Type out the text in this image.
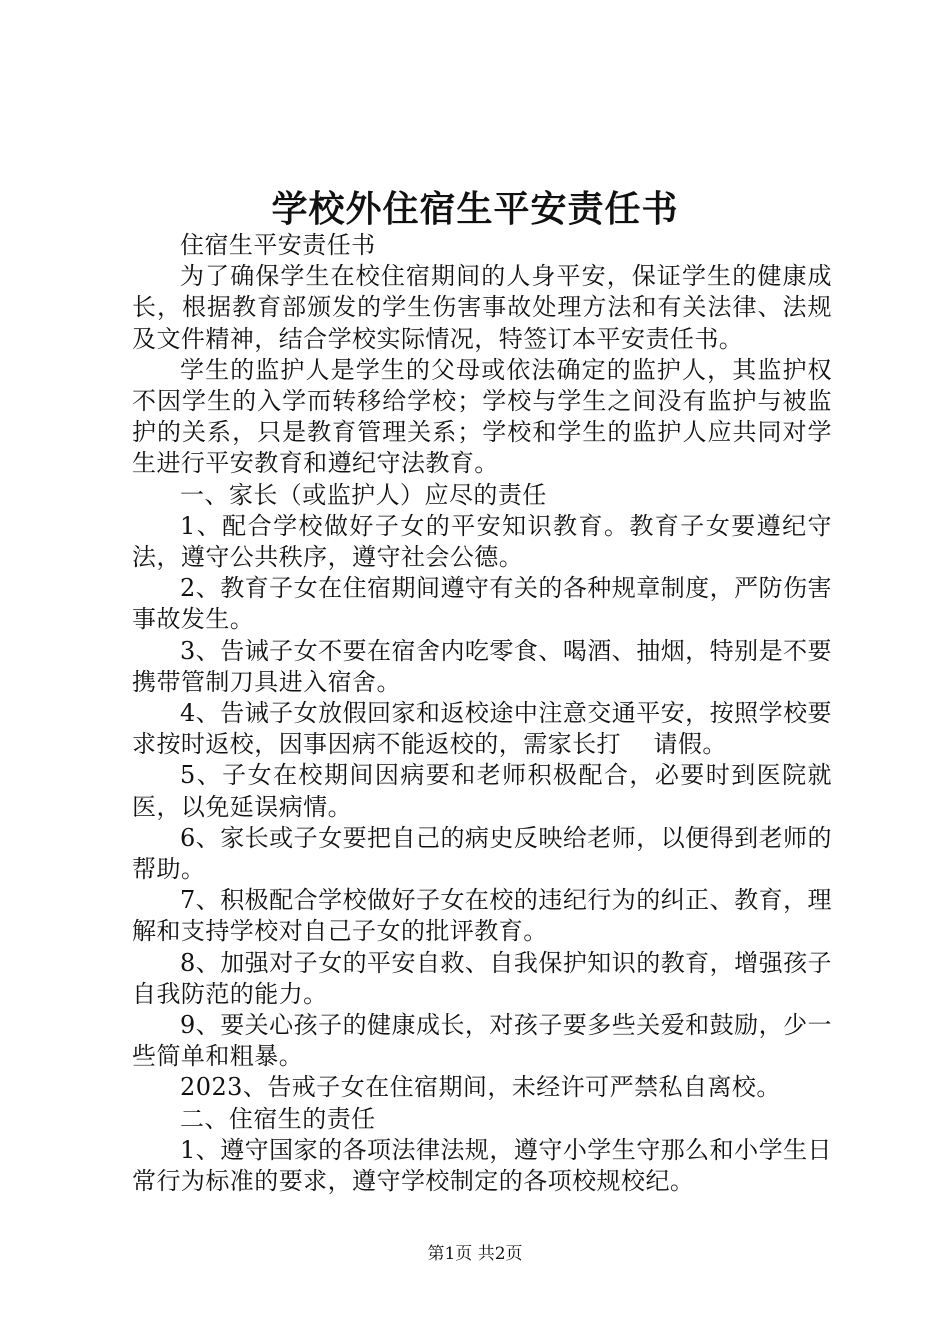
学校外住宿生平安责任书

住宿生平安责任书

为了确保学生在校住宿期间的人身平安，保证学生的健康成长，根据教育部颁发的学生伤害事故处理方法和有关法律、法规及文件精神，结合学校实际情况，特签订本平安责任书。

学生的监护人是学生的父母或依法确定的监护人，其监护权不因学生的入学而转移给学校；学校与学生之间没有监护与被监护的关系，只是教育管理关系；学校和学生的监护人应共同对学生进行平安教育和遵纪守法教育。

一、家长（或监护人）应尽的责任

1、配合学校做好子女的平安知识教育。教育子女要遵纪守法，遵守公共秩序，遵守社会公德。

2、教育子女在住宿期间遵守有关的各种规章制度，严防伤害事故发生。

3、告诫子女不要在宿舍内吃零食、喝酒、抽烟，特别是不要携带管制刀具进入宿舍。

4、告诫子女放假回家和返校途中注意交通平安，按照学校要求按时返校，因事因病不能返校的，需家长打　 请假。

5、子女在校期间因病要和老师积极配合，必要时到医院就医，以免延误病情。

6、家长或子女要把自己的病史反映给老师，以便得到老师的帮助。

7、积极配合学校做好子女在校的违纪行为的纠正、教育，理解和支持学校对自己子女的批评教育。

8、加强对子女的平安自救、自我保护知识的教育，增强孩子自我防范的能力。

9、要关心孩子的健康成长，对孩子要多些关爱和鼓励，少一些简单和粗暴。

2023、告戒子女在住宿期间，未经许可严禁私自离校。

二、住宿生的责任

1、遵守国家的各项法律法规，遵守小学生守那么和小学生日常行为标准的要求，遵守学校制定的各项校规校纪。

第1页 共2页
